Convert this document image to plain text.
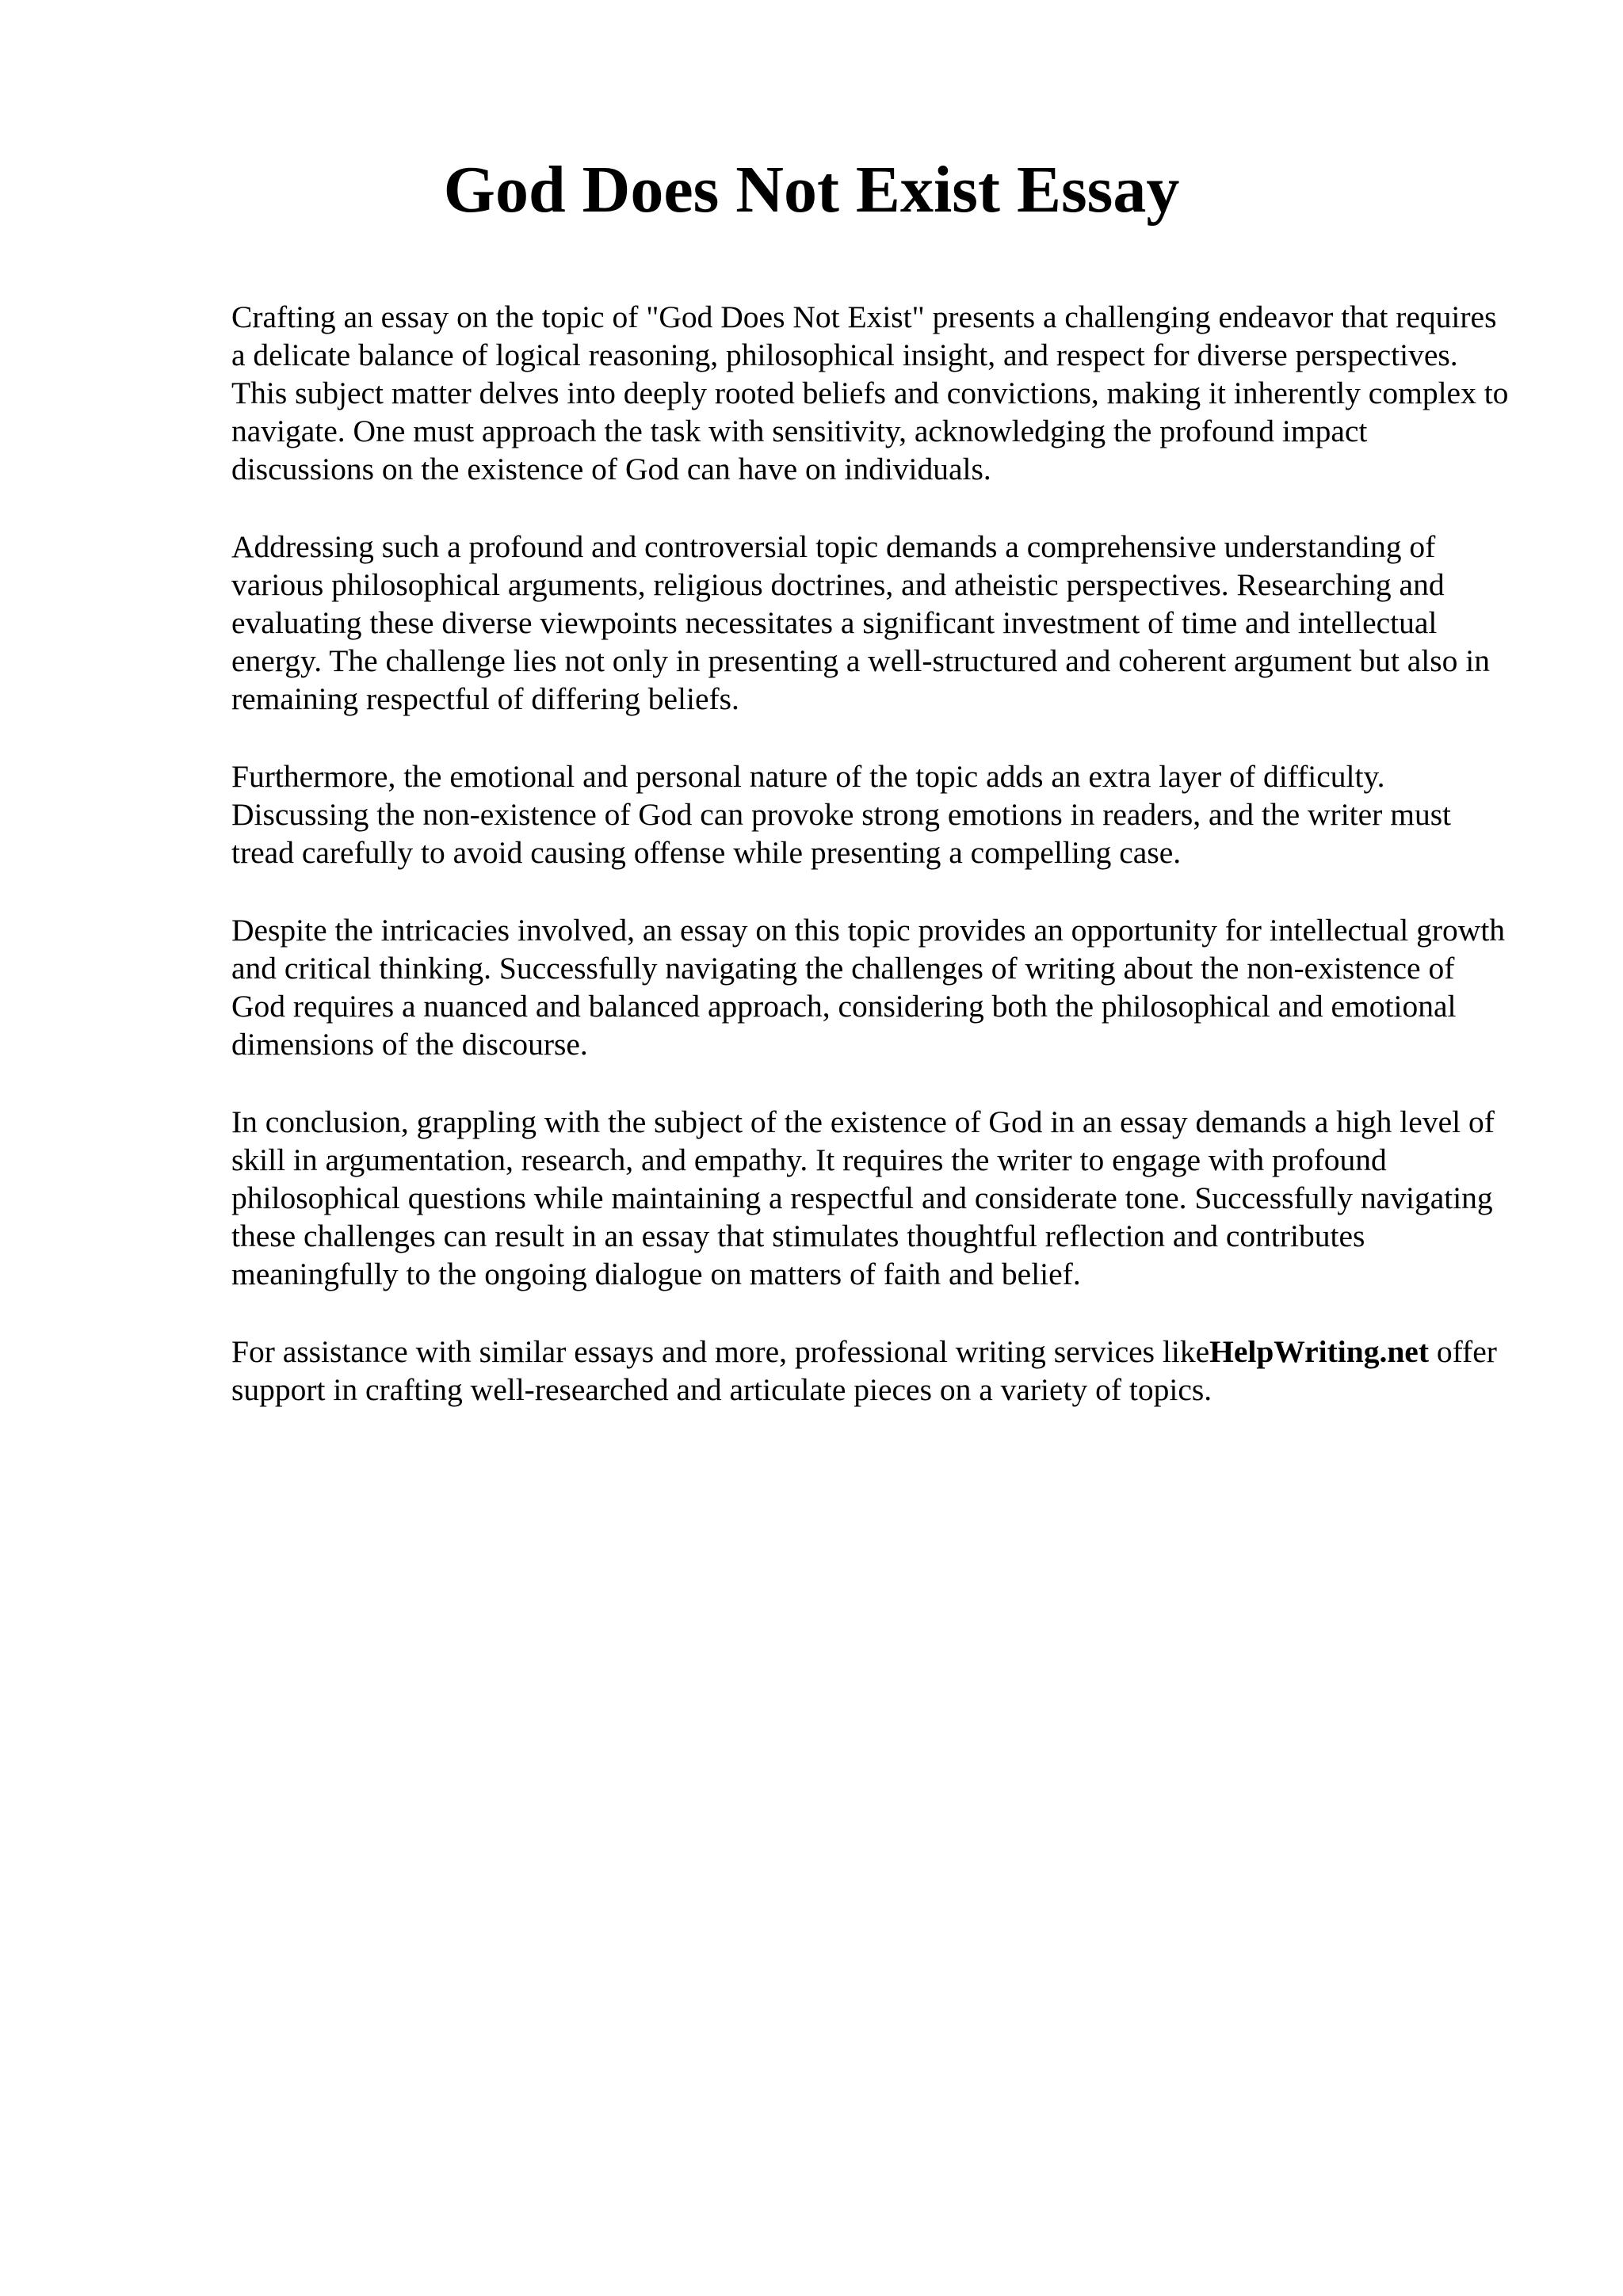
God Does Not Exist Essay

Crafting an essay on the topic of "God Does Not Exist" presents a challenging endeavor that requires a delicate balance of logical reasoning, philosophical insight, and respect for diverse perspectives. This subject matter delves into deeply rooted beliefs and convictions, making it inherently complex to navigate. One must approach the task with sensitivity, acknowledging the profound impact discussions on the existence of God can have on individuals.

Addressing such a profound and controversial topic demands a comprehensive understanding of various philosophical arguments, religious doctrines, and atheistic perspectives. Researching and evaluating these diverse viewpoints necessitates a significant investment of time and intellectual energy. The challenge lies not only in presenting a well-structured and coherent argument but also in remaining respectful of differing beliefs.

Furthermore, the emotional and personal nature of the topic adds an extra layer of difficulty. Discussing the non-existence of God can provoke strong emotions in readers, and the writer must tread carefully to avoid causing offense while presenting a compelling case.

Despite the intricacies involved, an essay on this topic provides an opportunity for intellectual growth and critical thinking. Successfully navigating the challenges of writing about the non-existence of God requires a nuanced and balanced approach, considering both the philosophical and emotional dimensions of the discourse.

In conclusion, grappling with the subject of the existence of God in an essay demands a high level of skill in argumentation, research, and empathy. It requires the writer to engage with profound philosophical questions while maintaining a respectful and considerate tone. Successfully navigating these challenges can result in an essay that stimulates thoughtful reflection and contributes meaningfully to the ongoing dialogue on matters of faith and belief.

For assistance with similar essays and more, professional writing services likeHelpWriting.net offer support in crafting well-researched and articulate pieces on a variety of topics.
